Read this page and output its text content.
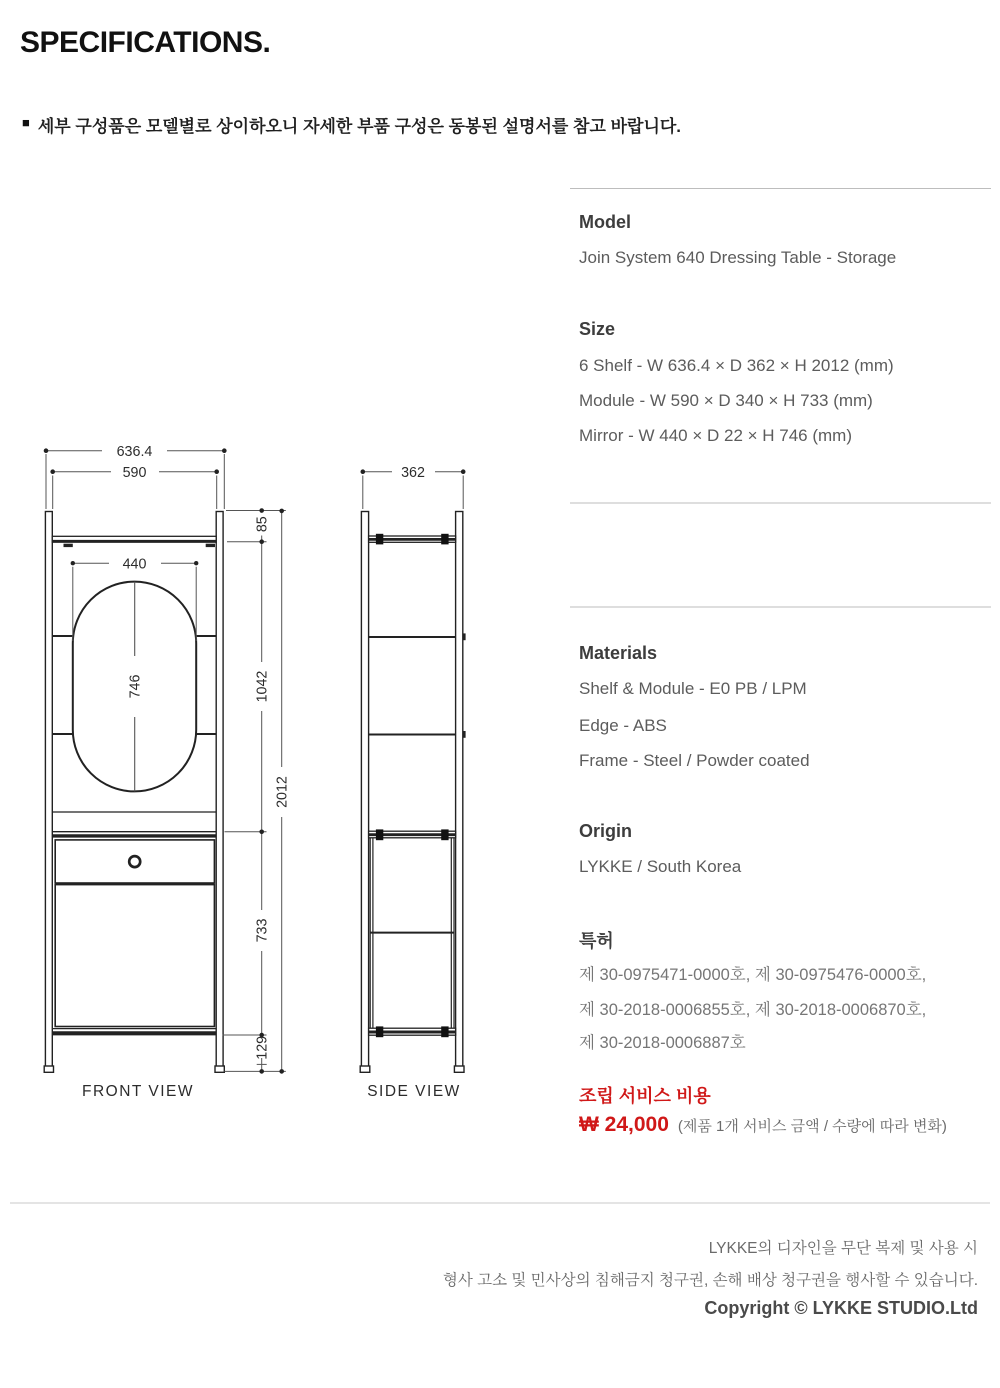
SPECIFICATIONS.
■ 세부 구성품은 모델별로 상이하오니 자세한 부품 구성은 동봉된 설명서를 참고 바랍니다.
636.4
590
746
440
85
1042
733
129
2012
FRONT VIEW
362
SIDE VIEW
Model
Join System 640 Dressing Table - Storage
Size
6 Shelf - W 636.4 × D 362 × H 2012 (mm)
Module - W 590 × D 340 × H 733 (mm)
Mirror - W 440 × D 22 × H 746 (mm)
Materials
Shelf & Module - E0 PB / LPM
Edge - ABS
Frame - Steel / Powder coated
Origin
LYKKE / South Korea
특허
제 30-0975471-0000호, 제 30-0975476-0000호,
제 30-2018-0006855호, 제 30-2018-0006870호,
제 30-2018-0006887호
조립 서비스 비용
₩ 24,000 (제품 1개 서비스 금액 / 수량에 따라 변화)
LYKKE의 디자인을 무단 복제 및 사용 시
형사 고소 및 민사상의 침해금지 청구권, 손해 배상 청구권을 행사할 수 있습니다.
Copyright © LYKKE STUDIO.Ltd
